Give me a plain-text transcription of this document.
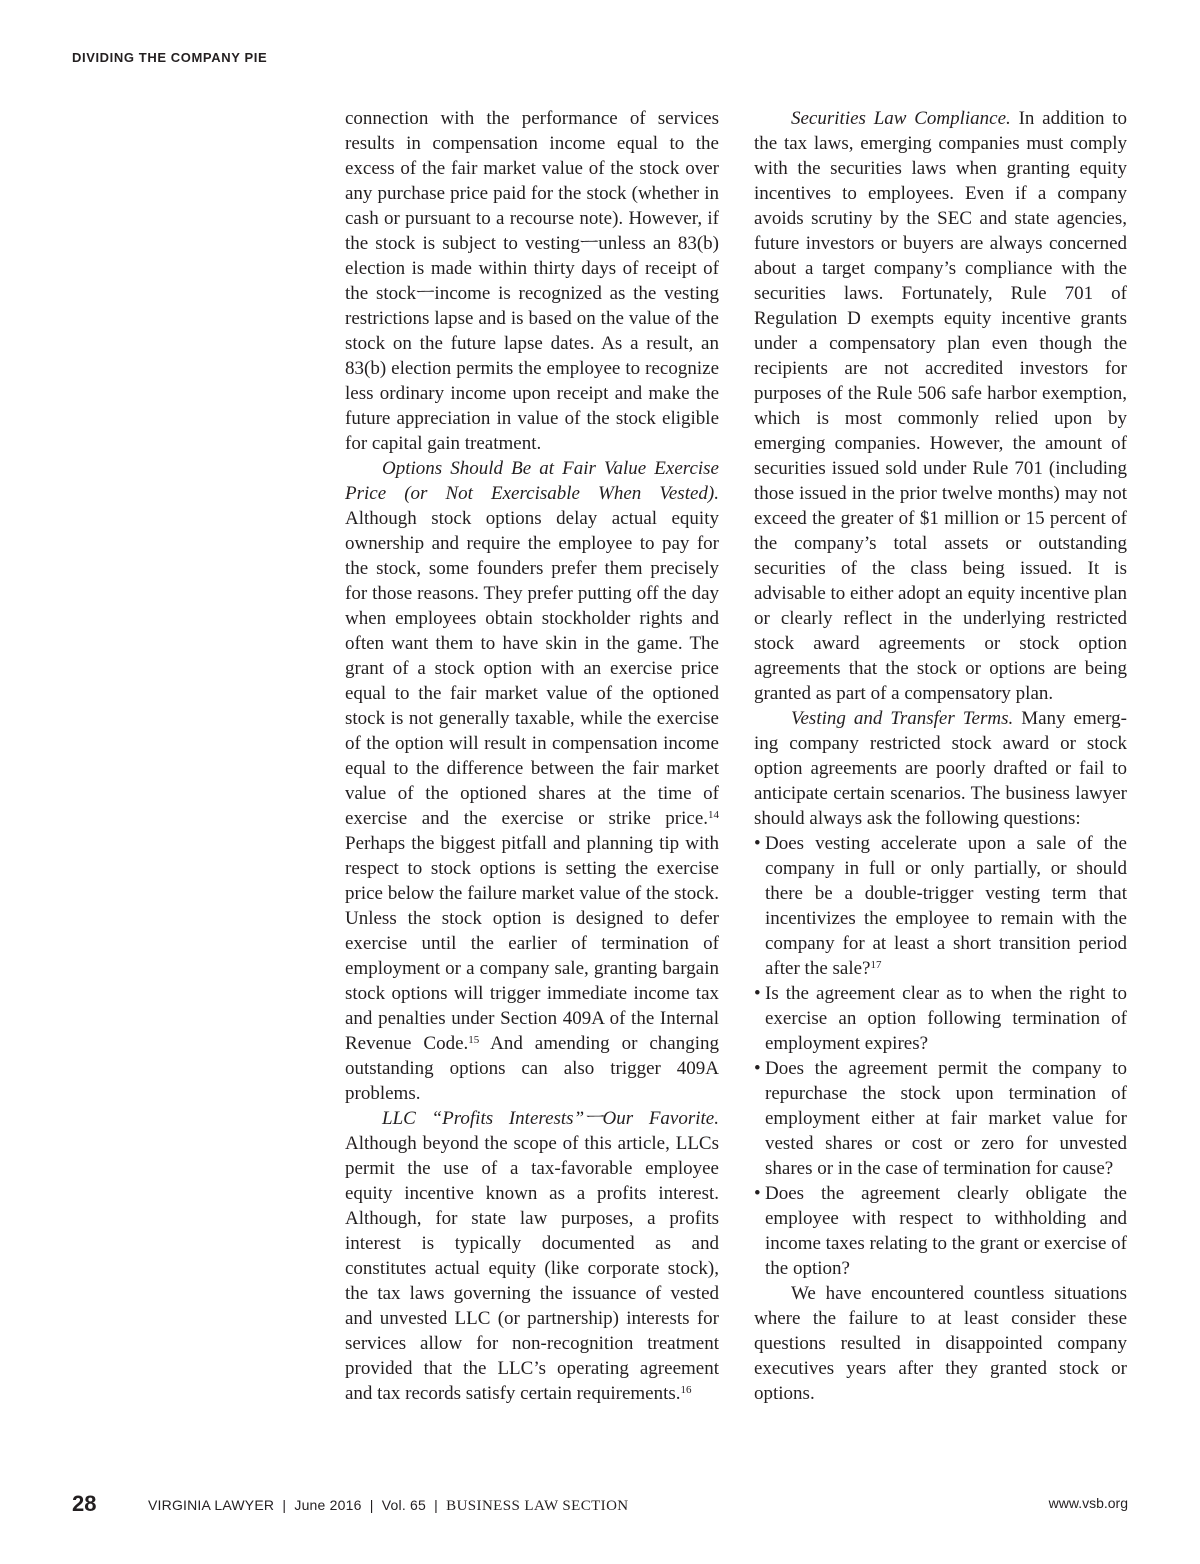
DIVIDING THE COMPANY PIE

connection with the performance of services results in compensation income equal to the excess of the fair market value of the stock over any purchase price paid for the stock (whether in cash or pursuant to a recourse note). However, if the stock is subject to vestingㅡunless an 83(b) election is made within thirty days of receipt of the stockㅡincome is recognized as the vesting restrictions lapse and is based on the value of the stock on the future lapse dates. As a result, an 83(b) election permits the employee to recognize less ordinary income upon receipt and make the future appreciation in value of the stock eligible for capital gain treatment.

Options Should Be at Fair Value Exercise Price (or Not Exercisable When Vested). Although stock options delay actual equity ownership and require the employee to pay for the stock, some founders prefer them precisely for those reasons. They prefer putting off the day when employees obtain stockholder rights and often want them to have skin in the game. The grant of a stock option with an exercise price equal to the fair market value of the optioned stock is not generally taxable, while the exercise of the option will result in compensation income equal to the difference between the fair market value of the optioned shares at the time of exercise and the exercise or strike price.$^{14}$ Perhaps the biggest pitfall and planning tip with respect to stock options is setting the exercise price below the failure market value of the stock. Unless the stock option is designed to defer exercise until the earlier of termination of employment or a company sale, granting bargain stock options will trigger immediate income tax and penalties under Section 409A of the Internal Revenue Code.$^{15}$ And amending or changing outstanding options can also trigger 409A problems.

LLC “Profits Interests”ㅡOur Favorite. Although beyond the scope of this article, LLCs permit the use of a tax-favorable employee equity incentive known as a profits interest. Although, for state law purposes, a profits interest is typically documented as and constitutes actual equity (like corporate stock), the tax laws governing the issuance of vested and unvested LLC (or partnership) interests for services allow for non-recognition treatment provided that the LLC’s operating agreement and tax records satisfy certain requirements.$^{16}$

Securities Law Compliance. In addition to the tax laws, emerging companies must comply with the securities laws when granting equity incentives to employees. Even if a company avoids scrutiny by the SEC and state agencies, future investors or buyers are always concerned about a target company’s compliance with the securities laws. Fortunately, Rule 701 of Regulation D exempts equity incentive grants under a compensatory plan even though the recipients are not accredited investors for purposes of the Rule 506 safe harbor exemption, which is most commonly relied upon by emerging companies. However, the amount of securities issued sold under Rule 701 (including those issued in the prior twelve months) may not exceed the greater of $1 million or 15 percent of the company’s total assets or outstanding securities of the class being issued. It is advisable to either adopt an equity incentive plan or clearly reflect in the underlying restricted stock award agreements or stock option agreements that the stock or options are being granted as part of a compensatory plan.

Vesting and Transfer Terms. Many emerging company restricted stock award or stock option agreements are poorly drafted or fail to anticipate certain scenarios. The business lawyer should always ask the following questions:

• Does vesting accelerate upon a sale of the company in full or only partially, or should there be a double-trigger vesting term that incentivizes the employee to remain with the company for at least a short transition period after the sale?$^{17}$
• Is the agreement clear as to when the right to exercise an option following termination of employment expires?
• Does the agreement permit the company to repurchase the stock upon termination of employment either at fair market value for vested shares or cost or zero for unvested shares or in the case of termination for cause?
• Does the agreement clearly obligate the employee with respect to withholding and income taxes relating to the grant or exercise of the option?

We have encountered countless situations where the failure to at least consider these questions resulted in disappointed company executives years after they granted stock or options.

28	VIRGINIA LAWYER  |  June 2016  |  Vol. 65  |  BUSINESS LAW SECTION	www.vsb.org
